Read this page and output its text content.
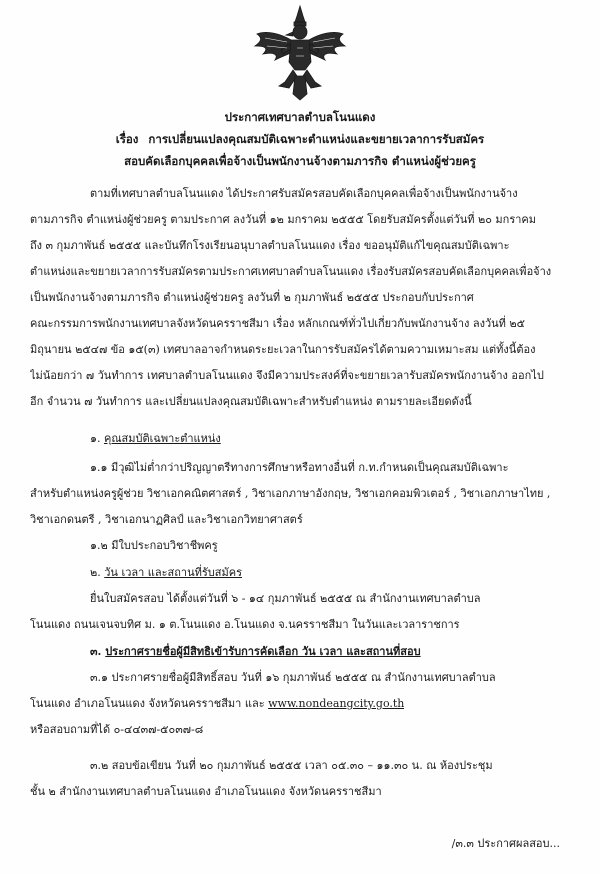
ประกาศเทศบาลตำบลโนนแดง
เรื่อง การเปลี่ยนแปลงคุณสมบัติเฉพาะตำแหน่งและขยายเวลาการรับสมัคร
สอบคัดเลือกบุคคลเพื่อจ้างเป็นพนักงานจ้างตามภารกิจ ตำแหน่งผู้ช่วยครู
ตามที่เทศบาลตำบลโนนแดง ได้ประกาศรับสมัครสอบคัดเลือกบุคคลเพื่อจ้างเป็นพนักงานจ้าง
ตามภารกิจ ตำแหน่งผู้ช่วยครู ตามประกาศ ลงวันที่ ๑๒ มกราคม ๒๕๕๕ โดยรับสมัครตั้งแต่วันที่ ๒๐ มกราคม
ถึง ๓ กุมภาพันธ์ ๒๕๕๕ และบันทึกโรงเรียนอนุบาลตำบลโนนแดง เรื่อง ขออนุมัติแก้ไขคุณสมบัติเฉพาะ
ตำแหน่งและขยายเวลาการรับสมัครตามประกาศเทศบาลตำบลโนนแดง เรื่องรับสมัครสอบคัดเลือกบุคคลเพื่อจ้าง
เป็นพนักงานจ้างตามภารกิจ ตำแหน่งผู้ช่วยครู ลงวันที่ ๒ กุมภาพันธ์ ๒๕๕๕ ประกอบกับประกาศ
คณะกรรมการพนักงานเทศบาลจังหวัดนครราชสีมา เรื่อง หลักเกณฑ์ทั่วไปเกี่ยวกับพนักงานจ้าง ลงวันที่ ๒๕
มิถุนายน ๒๕๔๗ ข้อ ๑๕(๓) เทศบาลอาจกำหนดระยะเวลาในการรับสมัครได้ตามความเหมาะสม แต่ทั้งนี้ต้อง
ไม่น้อยกว่า ๗ วันทำการ เทศบาลตำบลโนนแดง จึงมีความประสงค์ที่จะขยายเวลารับสมัครพนักงานจ้าง ออกไป
อีก จำนวน ๗ วันทำการ และเปลี่ยนแปลงคุณสมบัติเฉพาะสำหรับตำแหน่ง ตามรายละเอียดดังนี้
๑. คุณสมบัติเฉพาะตำแหน่ง
๑.๑ มีวุฒิไม่ต่ำกว่าปริญญาตรีทางการศึกษาหรือทางอื่นที่ ก.ท.กำหนดเป็นคุณสมบัติเฉพาะ
สำหรับตำแหน่งครูผู้ช่วย วิชาเอกคณิตศาสตร์ , วิชาเอกภาษาอังกฤษ, วิชาเอกคอมพิวเตอร์ , วิชาเอกภาษาไทย ,
วิชาเอกดนตรี , วิชาเอกนาฏศิลป์ และวิชาเอกวิทยาศาสตร์
๑.๒ มีใบประกอบวิชาชีพครู
๒. วัน เวลา และสถานที่รับสมัคร
ยื่นใบสมัครสอบ ได้ตั้งแต่วันที่ ๖ - ๑๔ กุมภาพันธ์ ๒๕๕๕ ณ สำนักงานเทศบาลตำบล
โนนแดง ถนนเจนจบทิศ ม. ๑ ต.โนนแดง อ.โนนแดง จ.นครราชสีมา ในวันและเวลาราชการ
๓. ประกาศรายชื่อผู้มีสิทธิเข้ารับการคัดเลือก วัน เวลา และสถานที่สอบ
๓.๑ ประกาศรายชื่อผู้มีสิทธิ์สอบ วันที่ ๑๖ กุมภาพันธ์ ๒๕๕๕ ณ สำนักงานเทศบาลตำบล
โนนแดง อำเภอโนนแดง จังหวัดนครราชสีมา และ www.nondeangcity.go.th
หรือสอบถามที่ได้ ๐-๔๔๓๗-๕๐๓๗-๘
๓.๒ สอบข้อเขียน วันที่ ๒๐ กุมภาพันธ์ ๒๕๕๕ เวลา ๐๕.๓๐ – ๑๑.๓๐ น. ณ ห้องประชุม
ชั้น ๒ สำนักงานเทศบาลตำบลโนนแดง อำเภอโนนแดง จังหวัดนครราชสีมา
/๓.๓ ประกาศผลสอบ...
